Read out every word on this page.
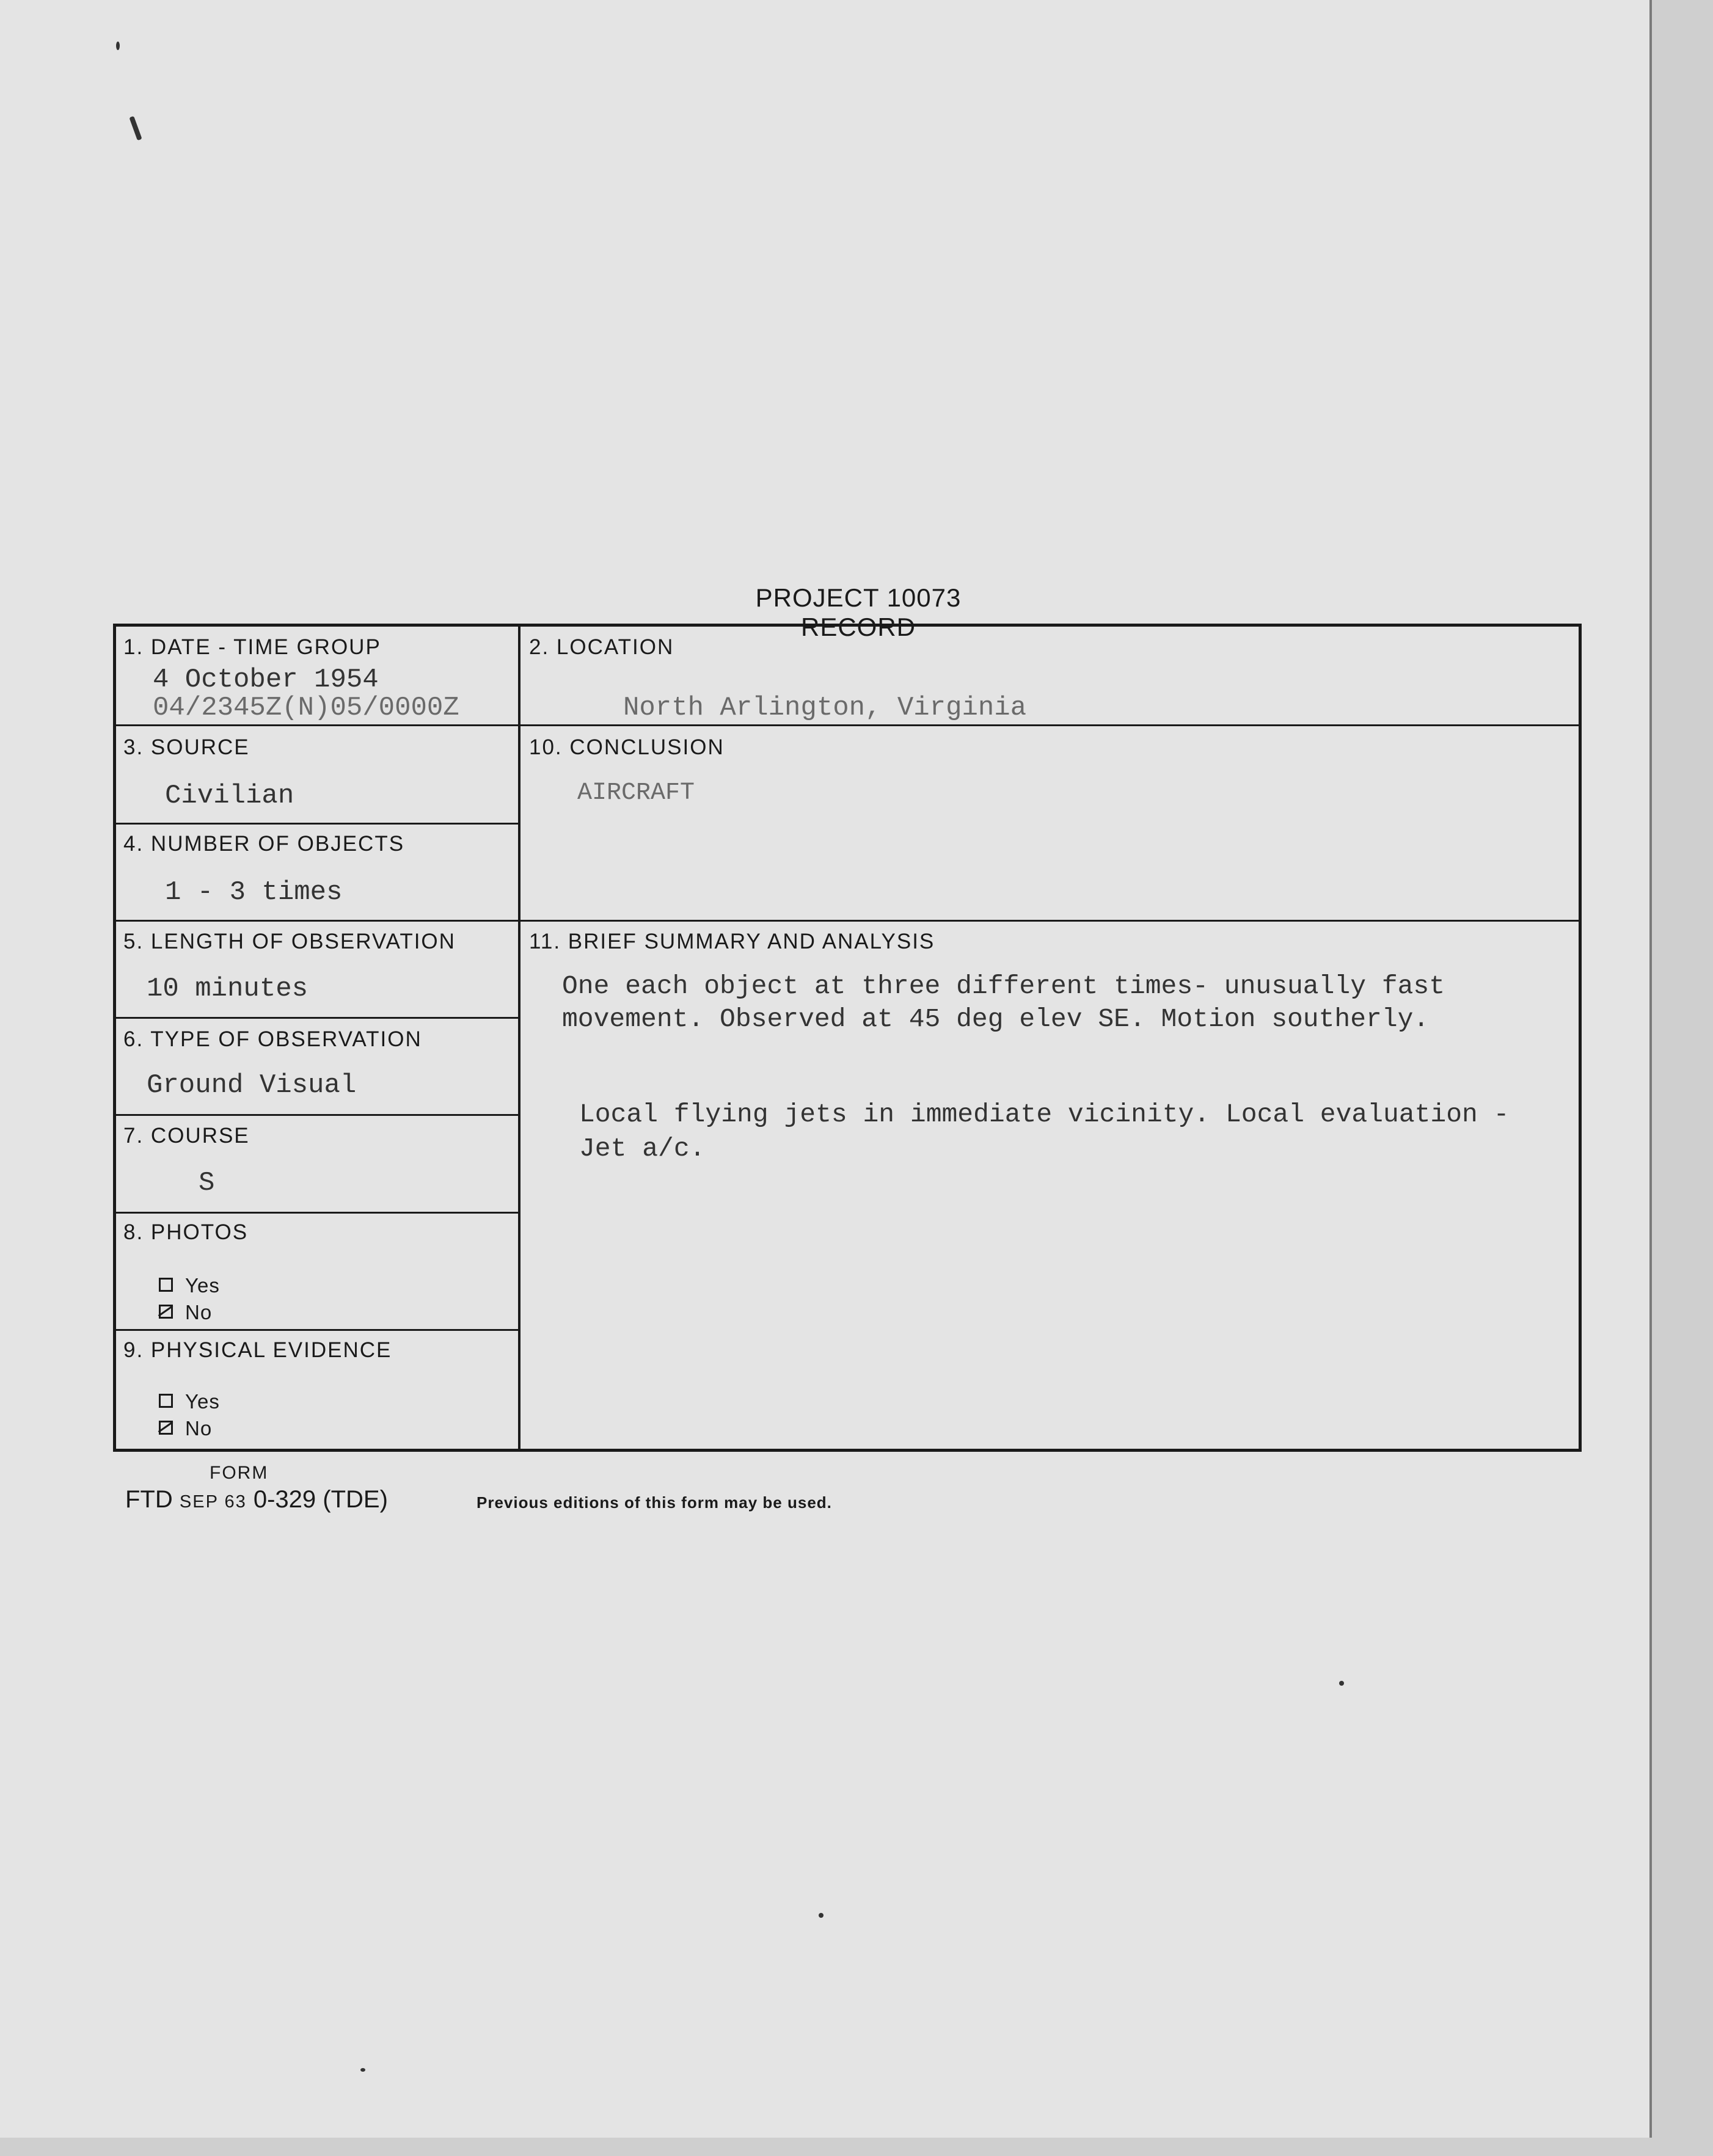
PROJECT 10073 RECORD
1. DATE - TIME GROUP
4 October 1954
04/2345Z(N)05/0000Z
2. LOCATION
North Arlington, Virginia
3. SOURCE
Civilian
4. NUMBER OF OBJECTS
1 - 3 times
5. LENGTH OF OBSERVATION
10 minutes
6. TYPE OF OBSERVATION
Ground Visual
7. COURSE
S
8. PHOTOS
Yes
No
9. PHYSICAL EVIDENCE
Yes
No
10. CONCLUSION
AIRCRAFT
11. BRIEF SUMMARY AND ANALYSIS
One each object at three different times- unusually fast
movement. Observed at 45 deg elev SE. Motion southerly.
Local flying jets in immediate vicinity. Local evaluation -
Jet a/c.
FORM
FTD SEP 63 0-329 (TDE)	Previous editions of this form may be used.
